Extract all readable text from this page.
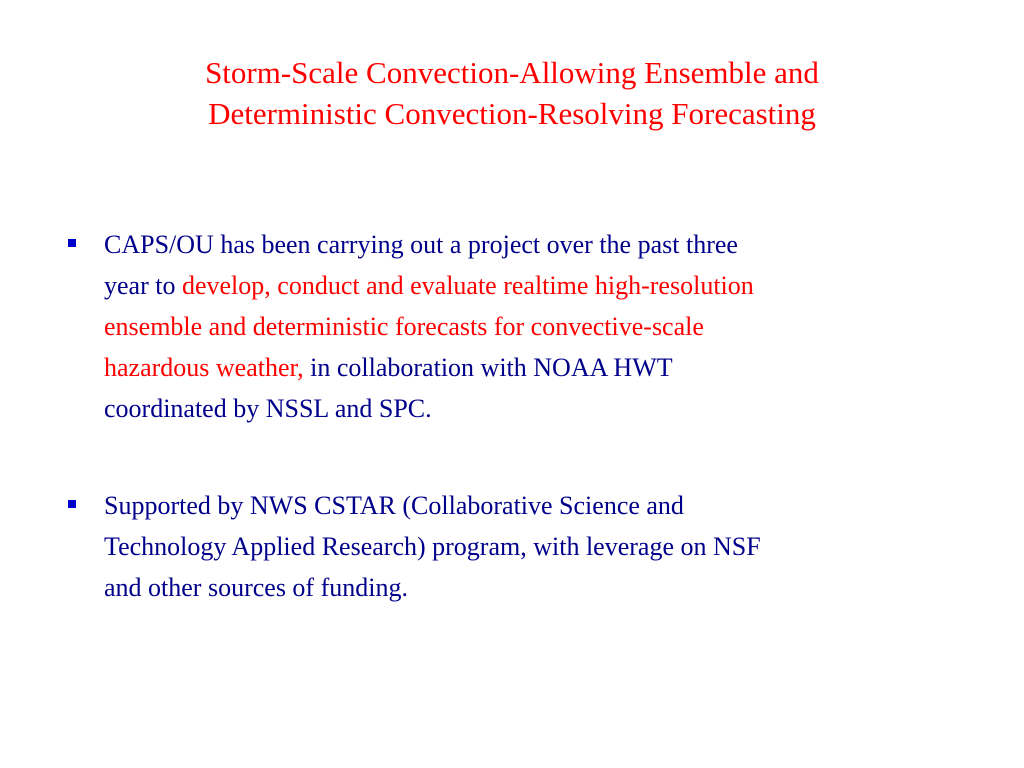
Storm-Scale Convection-Allowing Ensemble and
Deterministic Convection-Resolving Forecasting
CAPS/OU has been carrying out a project over the past three
year to develop, conduct and evaluate realtime high-resolution
ensemble and deterministic forecasts for convective-scale
hazardous weather, in collaboration with NOAA HWT
coordinated by NSSL and SPC.
Supported by NWS CSTAR (Collaborative Science and
Technology Applied Research) program, with leverage on NSF
and other sources of funding.
